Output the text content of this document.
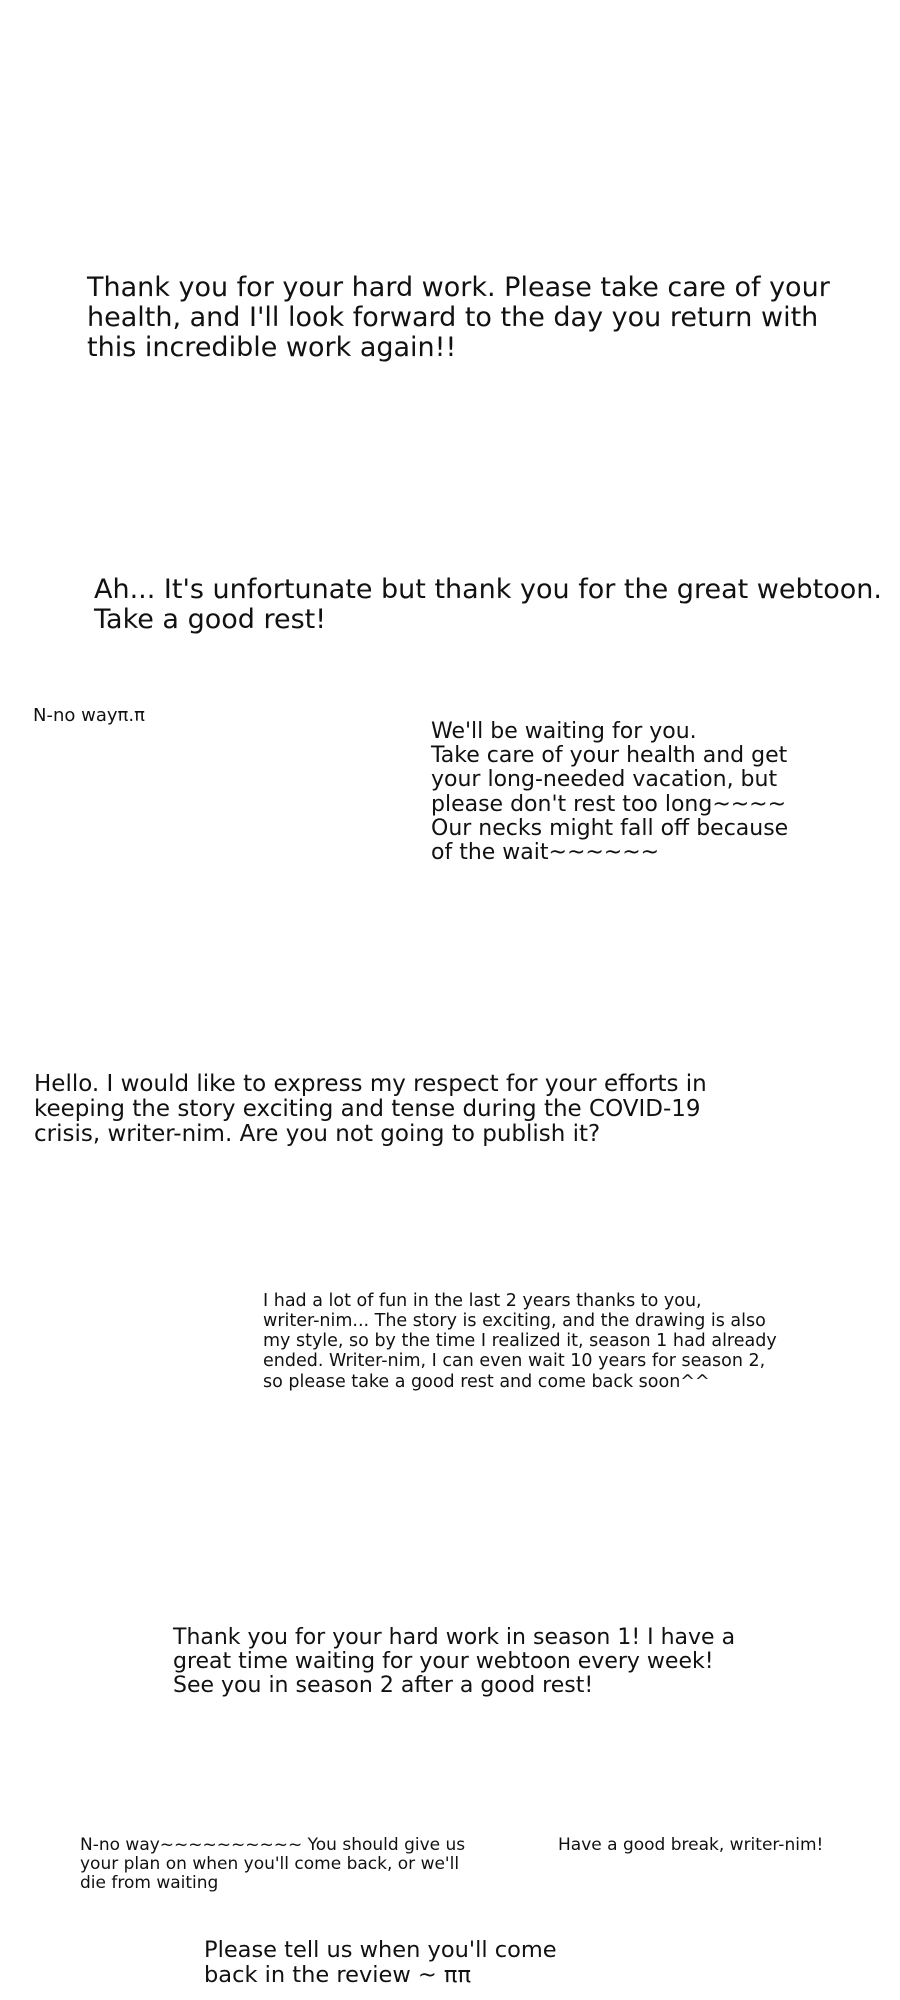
Thank you for your hard work. Please take care of your
health, and I'll look forward to the day you return with
this incredible work again!!

Ah... It's unfortunate but thank you for the great webtoon.
Take a good rest!

N-no wayπ.π

We'll be waiting for you.
Take care of your health and get
your long-needed vacation, but
please don't rest too long~~~~
Our necks might fall off because
of the wait~~~~~~

Hello. I would like to express my respect for your efforts in
keeping the story exciting and tense during the COVID-19
crisis, writer-nim. Are you not going to publish it?

I had a lot of fun in the last 2 years thanks to you,
writer-nim... The story is exciting, and the drawing is also
my style, so by the time I realized it, season 1 had already
ended. Writer-nim, I can even wait 10 years for season 2,
so please take a good rest and come back soon^^

Thank you for your hard work in season 1! I have a
great time waiting for your webtoon every week!
See you in season 2 after a good rest!

N-no way~~~~~~~~~~ You should give us
your plan on when you'll come back, or we'll
die from waiting

Have a good break, writer-nim!

Please tell us when you'll come
back in the review ~ ππ
